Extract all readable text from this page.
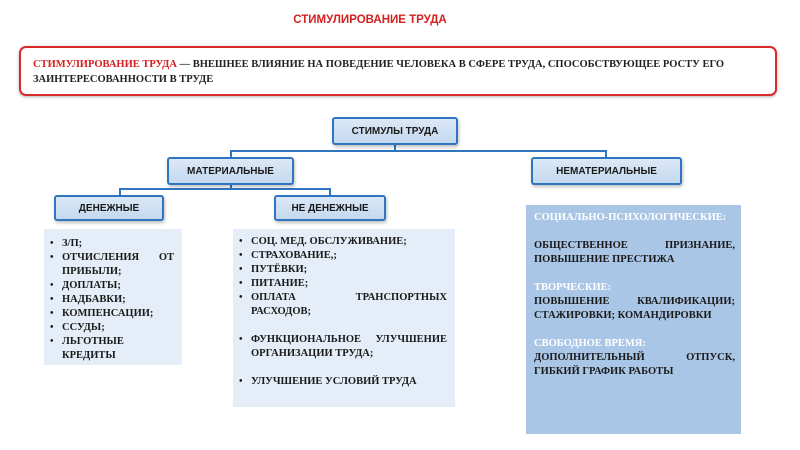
СТИМУЛИРОВАНИЕ ТРУДА
СТИМУЛИРОВАНИЕ ТРУДА — ВНЕШНЕЕ ВЛИЯНИЕ НА ПОВЕДЕНИЕ ЧЕЛОВЕКА В СФЕРЕ ТРУДА, СПОСОБСТВУЮЩЕЕ РОСТУ ЕГО ЗАИНТЕРЕСОВАННОСТИ В ТРУДЕ
СТИМУЛЫ ТРУДА
МАТЕРИАЛЬНЫЕ	НЕМАТЕРИАЛЬНЫЕ
ДЕНЕЖНЫЕ	НЕ ДЕНЕЖНЫЕ
• З/П;
• ОТЧИСЛЕНИЯ ОТ ПРИБЫЛИ;
• ДОПЛАТЫ;
• НАДБАВКИ;
• КОМПЕНСАЦИИ;
• ССУДЫ;
• ЛЬГОТНЫЕ КРЕДИТЫ
• СОЦ. МЕД. ОБСЛУЖИВАНИЕ;
• СТРАХОВАНИЕ,;
• ПУТЁВКИ;
• ПИТАНИЕ;
• ОПЛАТА ТРАНСПОРТНЫХ РАСХОДОВ;
• ФУНКЦИОНАЛЬНОЕ УЛУЧШЕНИЕ ОРГАНИЗАЦИИ ТРУДА;
• УЛУЧШЕНИЕ УСЛОВИЙ ТРУДА
СОЦИАЛЬНО-ПСИХОЛОГИЧЕСКИЕ:
ОБЩЕСТВЕННОЕ ПРИЗНАНИЕ, ПОВЫШЕНИЕ ПРЕСТИЖА
ТВОРЧЕСКИЕ:
ПОВЫШЕНИЕ КВАЛИФИКАЦИИ; СТАЖИРОВКИ; КОМАНДИРОВКИ
СВОБОДНОЕ ВРЕМЯ:
ДОПОЛНИТЕЛЬНЫЙ ОТПУСК, ГИБКИЙ ГРАФИК РАБОТЫ
